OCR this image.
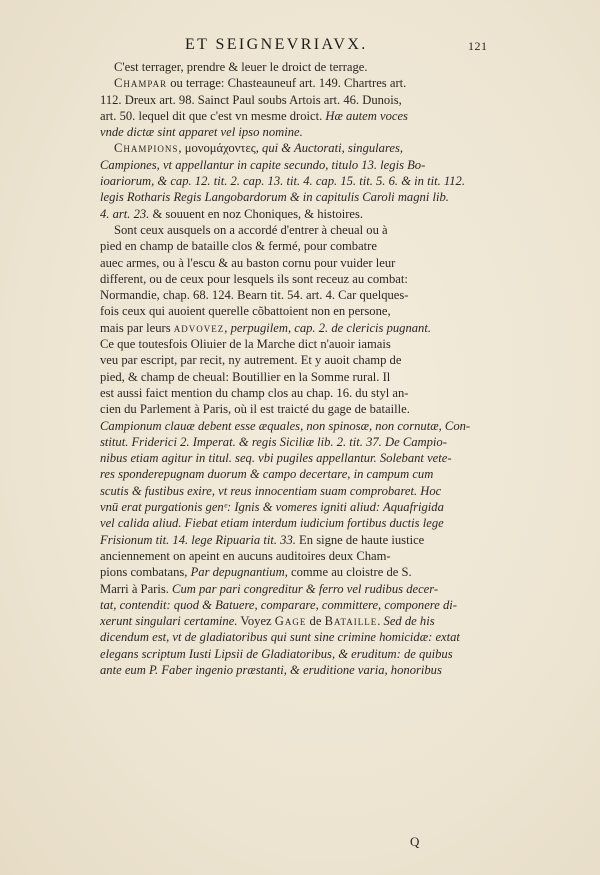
ET SEIGNEVRIAVX.	121
C'est terrager, prendre & leuer le droict de terrage.
Champar ou terrage: Chasteauneuf art. 149. Chartres art.
112. Dreux art. 98. Sainct Paul soubs Artois art. 46. Dunois,
art. 50. lequel dit que c'est vn mesme droict. Hæ autem voces
vnde dictæ sint apparet vel ipso nomine.
Champions, μονομάχοντες, qui & Auctorati, singulares,
Campiones, vt appellantur in capite secundo, titulo 13. legis Bo-
ioariorum, & cap. 12. tit. 2. cap. 13. tit. 4. cap. 15. tit. 5. 6. & in tit. 112.
legis Rotharis Regis Langobardorum & in capitulis Caroli magni lib.
4. art. 23. & souuent en noz Choniques, & histoires.
Sont ceux ausquels on a accordé d'entrer à cheual ou à
pied en champ de bataille clos & fermé, pour combatre
auec armes, ou à l'escu & au baston cornu pour vuider leur
different, ou de ceux pour lesquels ils sont receuz au combat:
Normandie, chap. 68. 124. Bearn tit. 54. art. 4. Car quelques-
fois ceux qui auoient querelle cõbattoient non en persone,
mais par leurs advovez, perpugilem, cap. 2. de clericis pugnant.
Ce que toutesfois Oliuier de la Marche dict n'auoir iamais
veu par escript, par recit, ny autrement. Et y auoit champ de
pied, & champ de cheual: Boutillier en la Somme rural. Il
est aussi faict mention du champ clos au chap. 16. du styl an-
cien du Parlement à Paris, où il est traicté du gage de bataille.
Campionum clauæ debent esse æquales, non spinosæ, non cornutæ, Con-
stitut. Friderici 2. Imperat. & regis Siciliæ lib. 2. tit. 37. De Campio-
nibus etiam agitur in titul. seq. vbi pugiles appellantur. Solebant vete-
res sponderepugnam duorum & campo decertare, in campum cum
scutis & fustibus exire, vt reus innocentiam suam comprobaret. Hoc
vnū erat purgationis genᵉ: Ignis & vomeres igniti aliud: Aquafrigida
vel calida aliud. Fiebat etiam interdum iudicium fortibus ductis lege
Frisionum tit. 14. lege Ripuaria tit. 33. En signe de haute iustice
anciennement on apeint en aucuns auditoires deux Cham-
pions combatans, Par depugnantium, comme au cloistre de S.
Marri à Paris. Cum par pari congreditur & ferro vel rudibus decer-
tat, contendit: quod & Batuere, comparare, committere, componere di-
xerunt singulari certamine. Voyez Gage de Bataille. Sed de his
dicendum est, vt de gladiatoribus qui sunt sine crimine homicidæ: extat
elegans scriptum Iusti Lipsii de Gladiatoribus, & eruditum: de quibus
ante eum P. Faber ingenio præstanti, & eruditione varia, honoribus
Q
